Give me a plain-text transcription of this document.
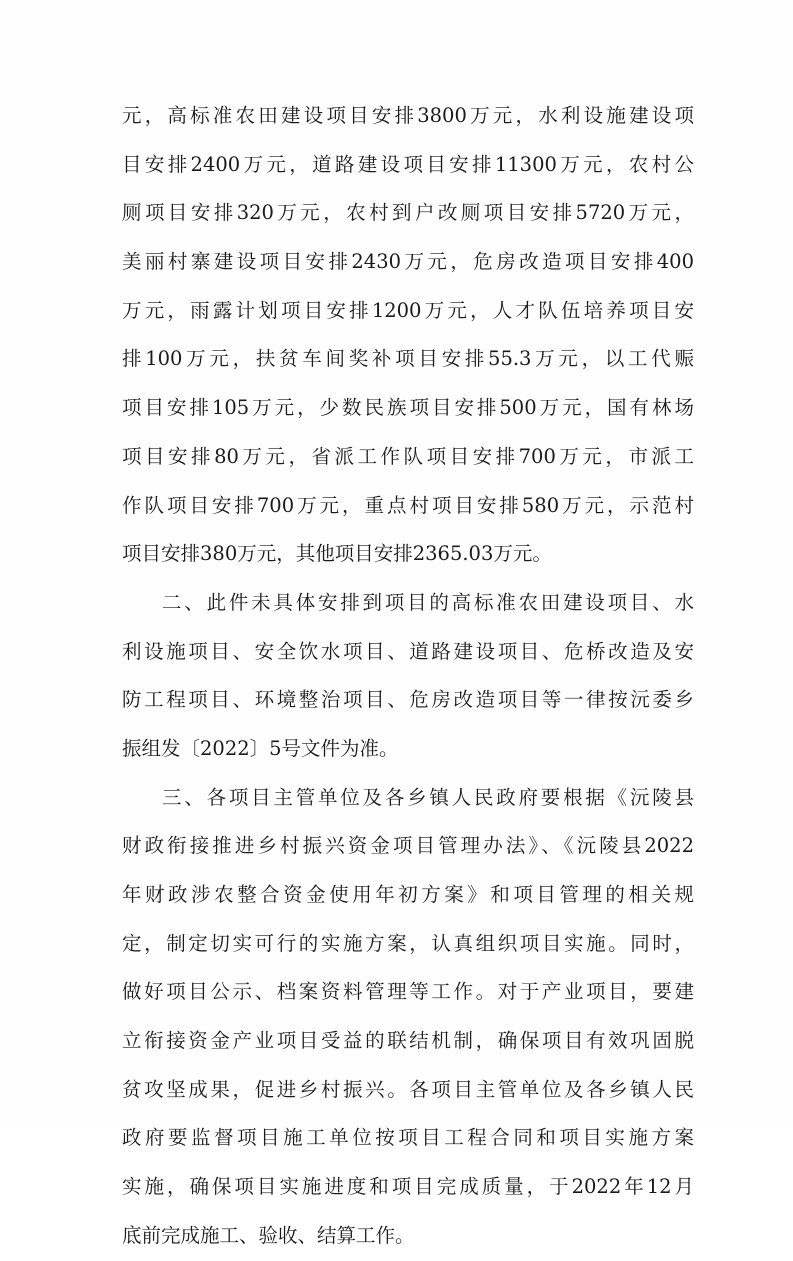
元，高标准农田建设项目安排3800万元，水利设施建设项
目安排2400万元，道路建设项目安排11300万元，农村公
厕项目安排320万元，农村到户改厕项目安排5720万元，
美丽村寨建设项目安排2430万元，危房改造项目安排400
万元，雨露计划项目安排1200万元，人才队伍培养项目安
排100万元，扶贫车间奖补项目安排55.3万元，以工代赈
项目安排105万元，少数民族项目安排500万元，国有林场
项目安排80万元，省派工作队项目安排700万元，市派工
作队项目安排700万元，重点村项目安排580万元，示范村
项目安排380万元，其他项目安排2365.03万元。
二、此件未具体安排到项目的高标准农田建设项目、水
利设施项目、安全饮水项目、道路建设项目、危桥改造及安
防工程项目、环境整治项目、危房改造项目等一律按沅委乡
振组发〔2022〕5号文件为准。
三、各项目主管单位及各乡镇人民政府要根据《沅陵县
财政衔接推进乡村振兴资金项目管理办法》、《沅陵县2022
年财政涉农整合资金使用年初方案》和项目管理的相关规
定，制定切实可行的实施方案，认真组织项目实施。同时，
做好项目公示、档案资料管理等工作。对于产业项目，要建
立衔接资金产业项目受益的联结机制，确保项目有效巩固脱
贫攻坚成果，促进乡村振兴。各项目主管单位及各乡镇人民
政府要监督项目施工单位按项目工程合同和项目实施方案
实施，确保项目实施进度和项目完成质量，于2022年12月
底前完成施工、验收、结算工作。
